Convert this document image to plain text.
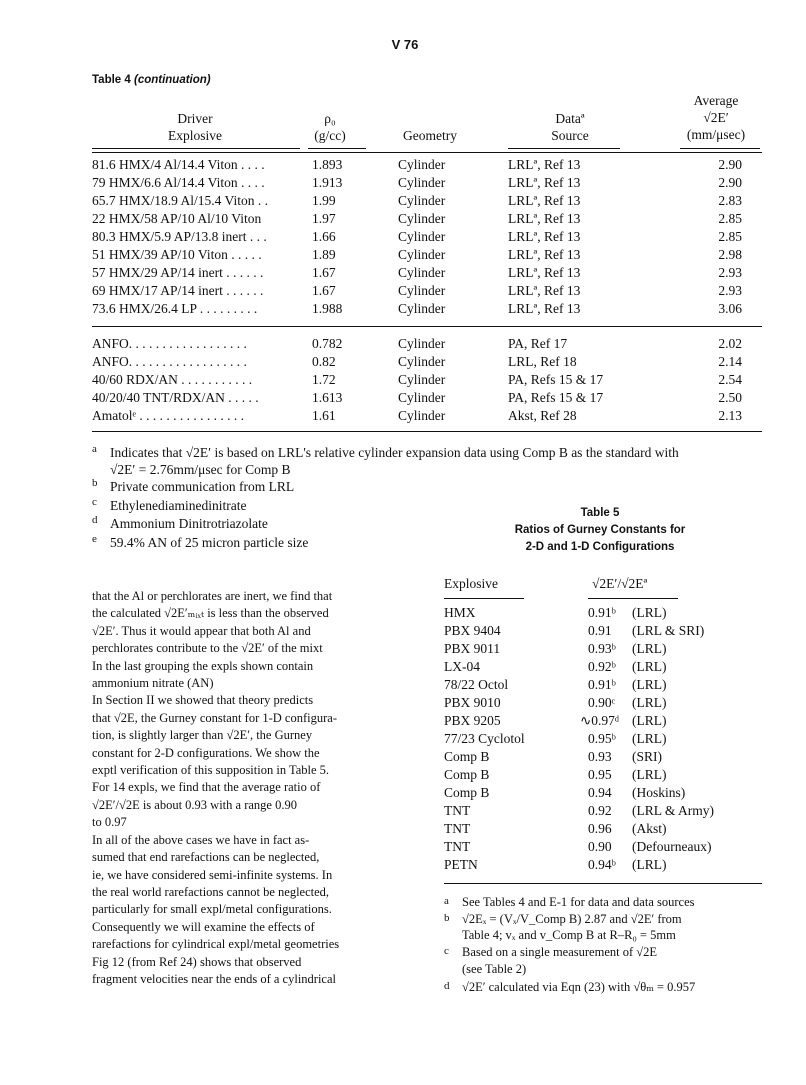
V 76
Table 4 (continuation)
Driver
Explosive
ρ₀
(g/cc)	Geometry
Dataª
Source
Average
√2E′
(mm/μsec)
81.6 HMX/4 Al/14.4 Viton . . . .	1.893	Cylinder	LRLª, Ref 13	2.90
79 HMX/6.6 Al/14.4 Viton . . . .	1.913	Cylinder	LRLª, Ref 13	2.90
65.7 HMX/18.9 Al/15.4 Viton . .	1.99	Cylinder	LRLª, Ref 13	2.83
22 HMX/58 AP/10 Al/10 Viton	1.97	Cylinder	LRLª, Ref 13	2.85
80.3 HMX/5.9 AP/13.8 inert . . .	1.66	Cylinder	LRLª, Ref 13	2.85
51 HMX/39 AP/10 Viton . . . . .	1.89	Cylinder	LRLª, Ref 13	2.98
57 HMX/29 AP/14 inert . . . . . .	1.67	Cylinder	LRLª, Ref 13	2.93
69 HMX/17 AP/14 inert . . . . . .	1.67	Cylinder	LRLª, Ref 13	2.93
73.6 HMX/26.4 LP . . . . . . . . .	1.988	Cylinder	LRLª, Ref 13	3.06
ANFO. . . . . . . . . . . . . . . . . .	0.782	Cylinder	PA, Ref 17	2.02
ANFO. . . . . . . . . . . . . . . . . .	0.82	Cylinder	LRL, Ref 18	2.14
40/60 RDX/AN . . . . . . . . . . .	1.72	Cylinder	PA, Refs 15 & 17	2.54
40/20/40 TNT/RDX/AN . . . . .	1.613	Cylinder	PA, Refs 15 & 17	2.50
Amatolᵉ . . . . . . . . . . . . . . . .	1.61	Cylinder	Akst, Ref 28	2.13
a Indicates that √2E′ is based on LRL's relative cylinder expansion data using Comp B as the standard with
√2E′ = 2.76mm/μsec for Comp B
b Private communication from LRL
c Ethylenediaminedinitrate
d Ammonium Dinitrotriazolate
e 59.4% AN of 25 micron particle size
Table 5
Ratios of Gurney Constants for
2-D and 1-D Configurations

that the Al or perchlorates are inert, we find that

the calculated √2E′ₘᵢₓₜ is less than the observed

√2E′. Thus it would appear that both Al and

perchlorates contribute to the √2E′ of the mixt

In the last grouping the expls shown contain

ammonium nitrate (AN)

In Section II we showed that theory predicts

that √2E, the Gurney constant for 1-D configura-

tion, is slightly larger than √2E′, the Gurney

constant for 2-D configurations. We show the

exptl verification of this supposition in Table 5.

For 14 expls, we find that the average ratio of

√2E′/√2E is about 0.93 with a range 0.90

to 0.97

In all of the above cases we have in fact as-

sumed that end rarefactions can be neglected,

ie, we have considered semi-infinite systems. In

the real world rarefactions cannot be neglected,

particularly for small expl/metal configurations.

Consequently we will examine the effects of

rarefactions for cylindrical expl/metal geometries

Fig 12 (from Ref 24) shows that observed

fragment velocities near the ends of a cylindrical

Explosive	√2E′/√2Eª
HMX	0.91ᵇ (LRL)
PBX 9404	0.91 (LRL & SRI)
PBX 9011	0.93ᵇ (LRL)
LX-04	0.92ᵇ (LRL)
78/22 Octol	0.91ᵇ (LRL)
PBX 9010	0.90ᶜ (LRL)
PBX 9205	∿0.97ᵈ (LRL)
77/23 Cyclotol	0.95ᵇ (LRL)
Comp B	0.93 (SRI)
Comp B	0.95 (LRL)
Comp B	0.94 (Hoskins)
TNT	0.92 (LRL & Army)
TNT	0.96 (Akst)
TNT	0.90 (Defourneaux)
PETN	0.94ᵇ (LRL)
a See Tables 4 and E-1 for data and data sources
b √2Eₓ = (Vₓ/V_Comp B) 2.87 and √2E′ from
Table 4; vₓ and v_Comp B at R–R₀ = 5mm
c Based on a single measurement of √2E
(see Table 2)
d √2E′ calculated via Eqn (23) with √θₘ = 0.957
